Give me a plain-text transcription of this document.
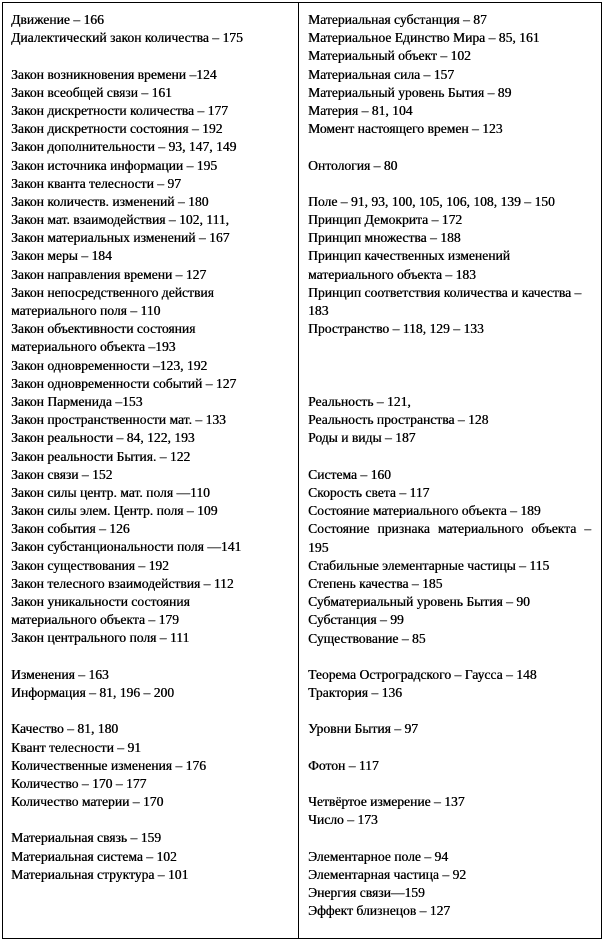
Движение – 166
Диалектический закон количества – 175
Закон возникновения времени –124
Закон всеобщей связи – 161
Закон дискретности количества – 177
Закон дискретности состояния – 192
Закон дополнительности – 93, 147, 149
Закон источника информации – 195
Закон кванта телесности – 97
Закон количеств. изменений – 180
Закон мат. взаимодействия – 102, 111,
Закон материальных изменений – 167
Закон меры – 184
Закон направления времени – 127
Закон непосредственного действия
материального поля – 110
Закон объективности состояния
материального объекта –193
Закон одновременности –123, 192
Закон одновременности событий – 127
Закон Парменида –153
Закон пространственности мат. – 133
Закон реальности – 84, 122, 193
Закон реальности Бытия. – 122
Закон связи – 152
Закон силы центр. мат. поля —110
Закон силы элем. Центр. поля – 109
Закон события – 126
Закон субстанциональности поля —141
Закон существования – 192
Закон телесного взаимодействия – 112
Закон уникальности состояния
материального объекта – 179
Закон центрального поля – 111
Изменения – 163
Информация – 81, 196 – 200
Качество – 81, 180
Квант телесности – 91
Количественные изменения – 176
Количество – 170 – 177
Количество материи – 170
Материальная связь – 159
Материальная система – 102
Материальная структура – 101
Материальная субстанция – 87
Материальное Единство Мира – 85, 161
Материальный объект – 102
Материальная сила – 157
Материальный уровень Бытия – 89
Материя – 81, 104
Момент настоящего времен – 123
Онтология – 80
Поле – 91, 93, 100, 105, 106, 108, 139 – 150
Принцип Демокрита – 172
Принцип множества – 188
Принцип качественных изменений материального объекта – 183
Принцип соответствия количества и качества – 183
Пространство – 118, 129 – 133
Реальность – 121,
Реальность пространства – 128
Роды и виды – 187
Система – 160
Скорость света – 117
Состояние материального объекта – 189
Состояние признака материального объекта – 195
Стабильные элементарные частицы – 115
Степень качества – 185
Субматериальный уровень Бытия – 90
Субстанция – 99
Существование – 85
Теорема Остроградского – Гаусса – 148
Трактория – 136
Уровни Бытия – 97
Фотон – 117
Четвёртое измерение – 137
Число – 173
Элементарное поле – 94
Элементарная частица – 92
Энергия связи—159
Эффект близнецов – 127
